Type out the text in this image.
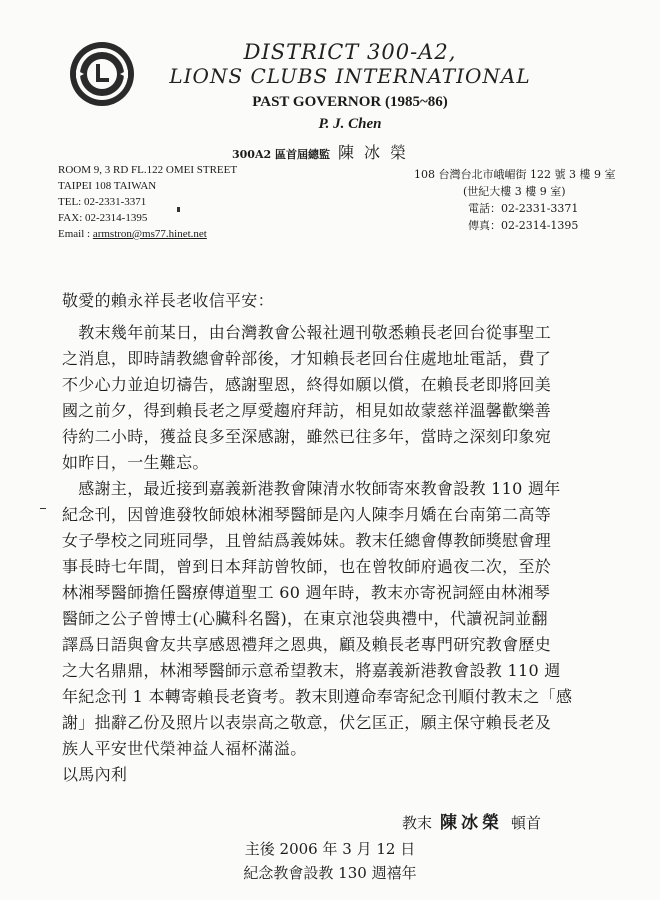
DISTRICT 300-A2,
LIONS CLUBS INTERNATIONAL
PAST GOVERNOR (1985~86)
P. J. Chen
300A2 區首屆總監 陳冰榮
ROOM 9, 3 RD FL.122 OMEI STREET
TAIPEI 108 TAIWAN
TEL: 02-2331-3371
FAX: 02-2314-1395
Email : armstron@ms77.hinet.net
108 台灣台北市峨嵋街 122 號 3 樓 9 室
(世紀大樓 3 樓 9 室)
電話：02-2331-3371
傳真：02-2314-1395
敬愛的賴永祥長老收信平安：
　教末幾年前某日，由台灣教會公報社週刊敬悉賴長老回台從事聖工
之消息，即時請教總會幹部後，才知賴長老回台住處地址電話，費了
不少心力並迫切禱告，感謝聖恩，終得如願以償，在賴長老即將回美
國之前夕，得到賴長老之厚愛趨府拜訪，相見如故蒙慈祥溫馨歡樂善
待約二小時，獲益良多至深感謝，雖然已往多年，當時之深刻印象宛
如昨日，一生難忘。
　感謝主，最近接到嘉義新港教會陳清水牧師寄來教會設教 110 週年
紀念刊，因曾進發牧師娘林湘琴醫師是內人陳李月嬌在台南第二高等
女子學校之同班同學，且曾結爲義姊妹。教末任總會傳教師獎慰會理
事長時七年間，曾到日本拜訪曾牧師，也在曾牧師府過夜二次，至於
林湘琴醫師擔任醫療傳道聖工 60 週年時，教末亦寄祝詞經由林湘琴
醫師之公子曾博士(心臟科名醫)，在東京池袋典禮中，代讀祝詞並翻
譯爲日語與會友共享感恩禮拜之恩典，顧及賴長老專門研究教會歷史
之大名鼎鼎，林湘琴醫師示意希望教末，將嘉義新港教會設教 110 週
年紀念刊 1 本轉寄賴長老資考。教末則遵命奉寄紀念刊順付教末之「感
謝」拙辭乙份及照片以表崇高之敬意，伏乞匡正，願主保守賴長老及
族人平安世代榮神益人福杯滿溢。
以馬內利
教末 陳冰榮 頓首
主後 2006 年 3 月 12 日
紀念教會設教 130 週禧年
